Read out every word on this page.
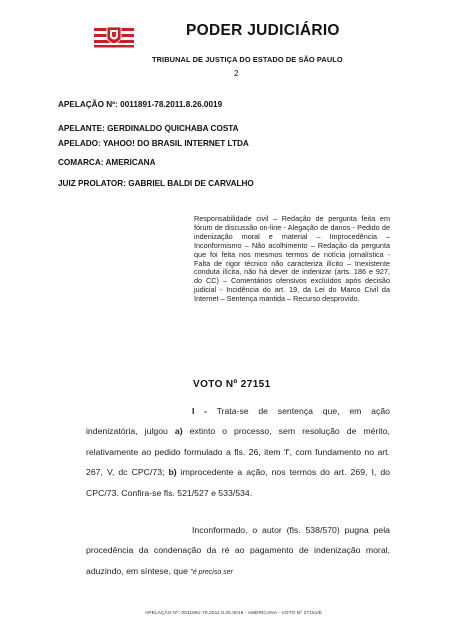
PODER JUDICIÁRIO
TRIBUNAL DE JUSTIÇA DO ESTADO DE SÃO PAULO
2
APELAÇÃO Nº: 0011891-78.2011.8.26.0019
APELANTE: GERDINALDO QUICHABA COSTA
APELADO: YAHOO! DO BRASIL INTERNET LTDA
COMARCA: AMERICANA
JUIZ PROLATOR: GABRIEL BALDI DE CARVALHO
Responsabilidade civil – Redação de pergunta feita em fórum de discussão on-line - Alegação de danos - Pedido de indenização moral e material – Improcedência – Inconformismo – Não acolhimento – Redação da pergunta que foi feita nos mesmos termos de notícia jornalística - Falta de rigor técnico não caracteriza ilícito – Inexistente conduta ilícita, não há dever de indenizar (arts. 186 e 927, do CC) – Comentários ofensivos excluídos após decisão judicial - Incidência do art. 19, da Lei do Marco Civil da Internet – Sentença mantida – Recurso desprovido.
VOTO Nº 27151
I - Trata-se de sentença que, em ação indenizatória, julgou a) extinto o processo, sem resolução de mérito, relativamente ao pedido formulado a fls. 26, item 'f', com fundamento no art. 267, V, dc CPC/73; b) improcedente a ação, nos termos do art. 269, I, do CPC/73. Confira-se fls. 521/527 e 533/534.
Inconformado, o autor (fls. 538/570) pugna pela procedência da condenação da ré ao pagamento de indenização moral, aduzindo, em síntese, que "é preciso ser
APELAÇÃO Nº: 0011891-78.2011.8.26.0019 - AMERICANA - VOTO Nº 27151/E
